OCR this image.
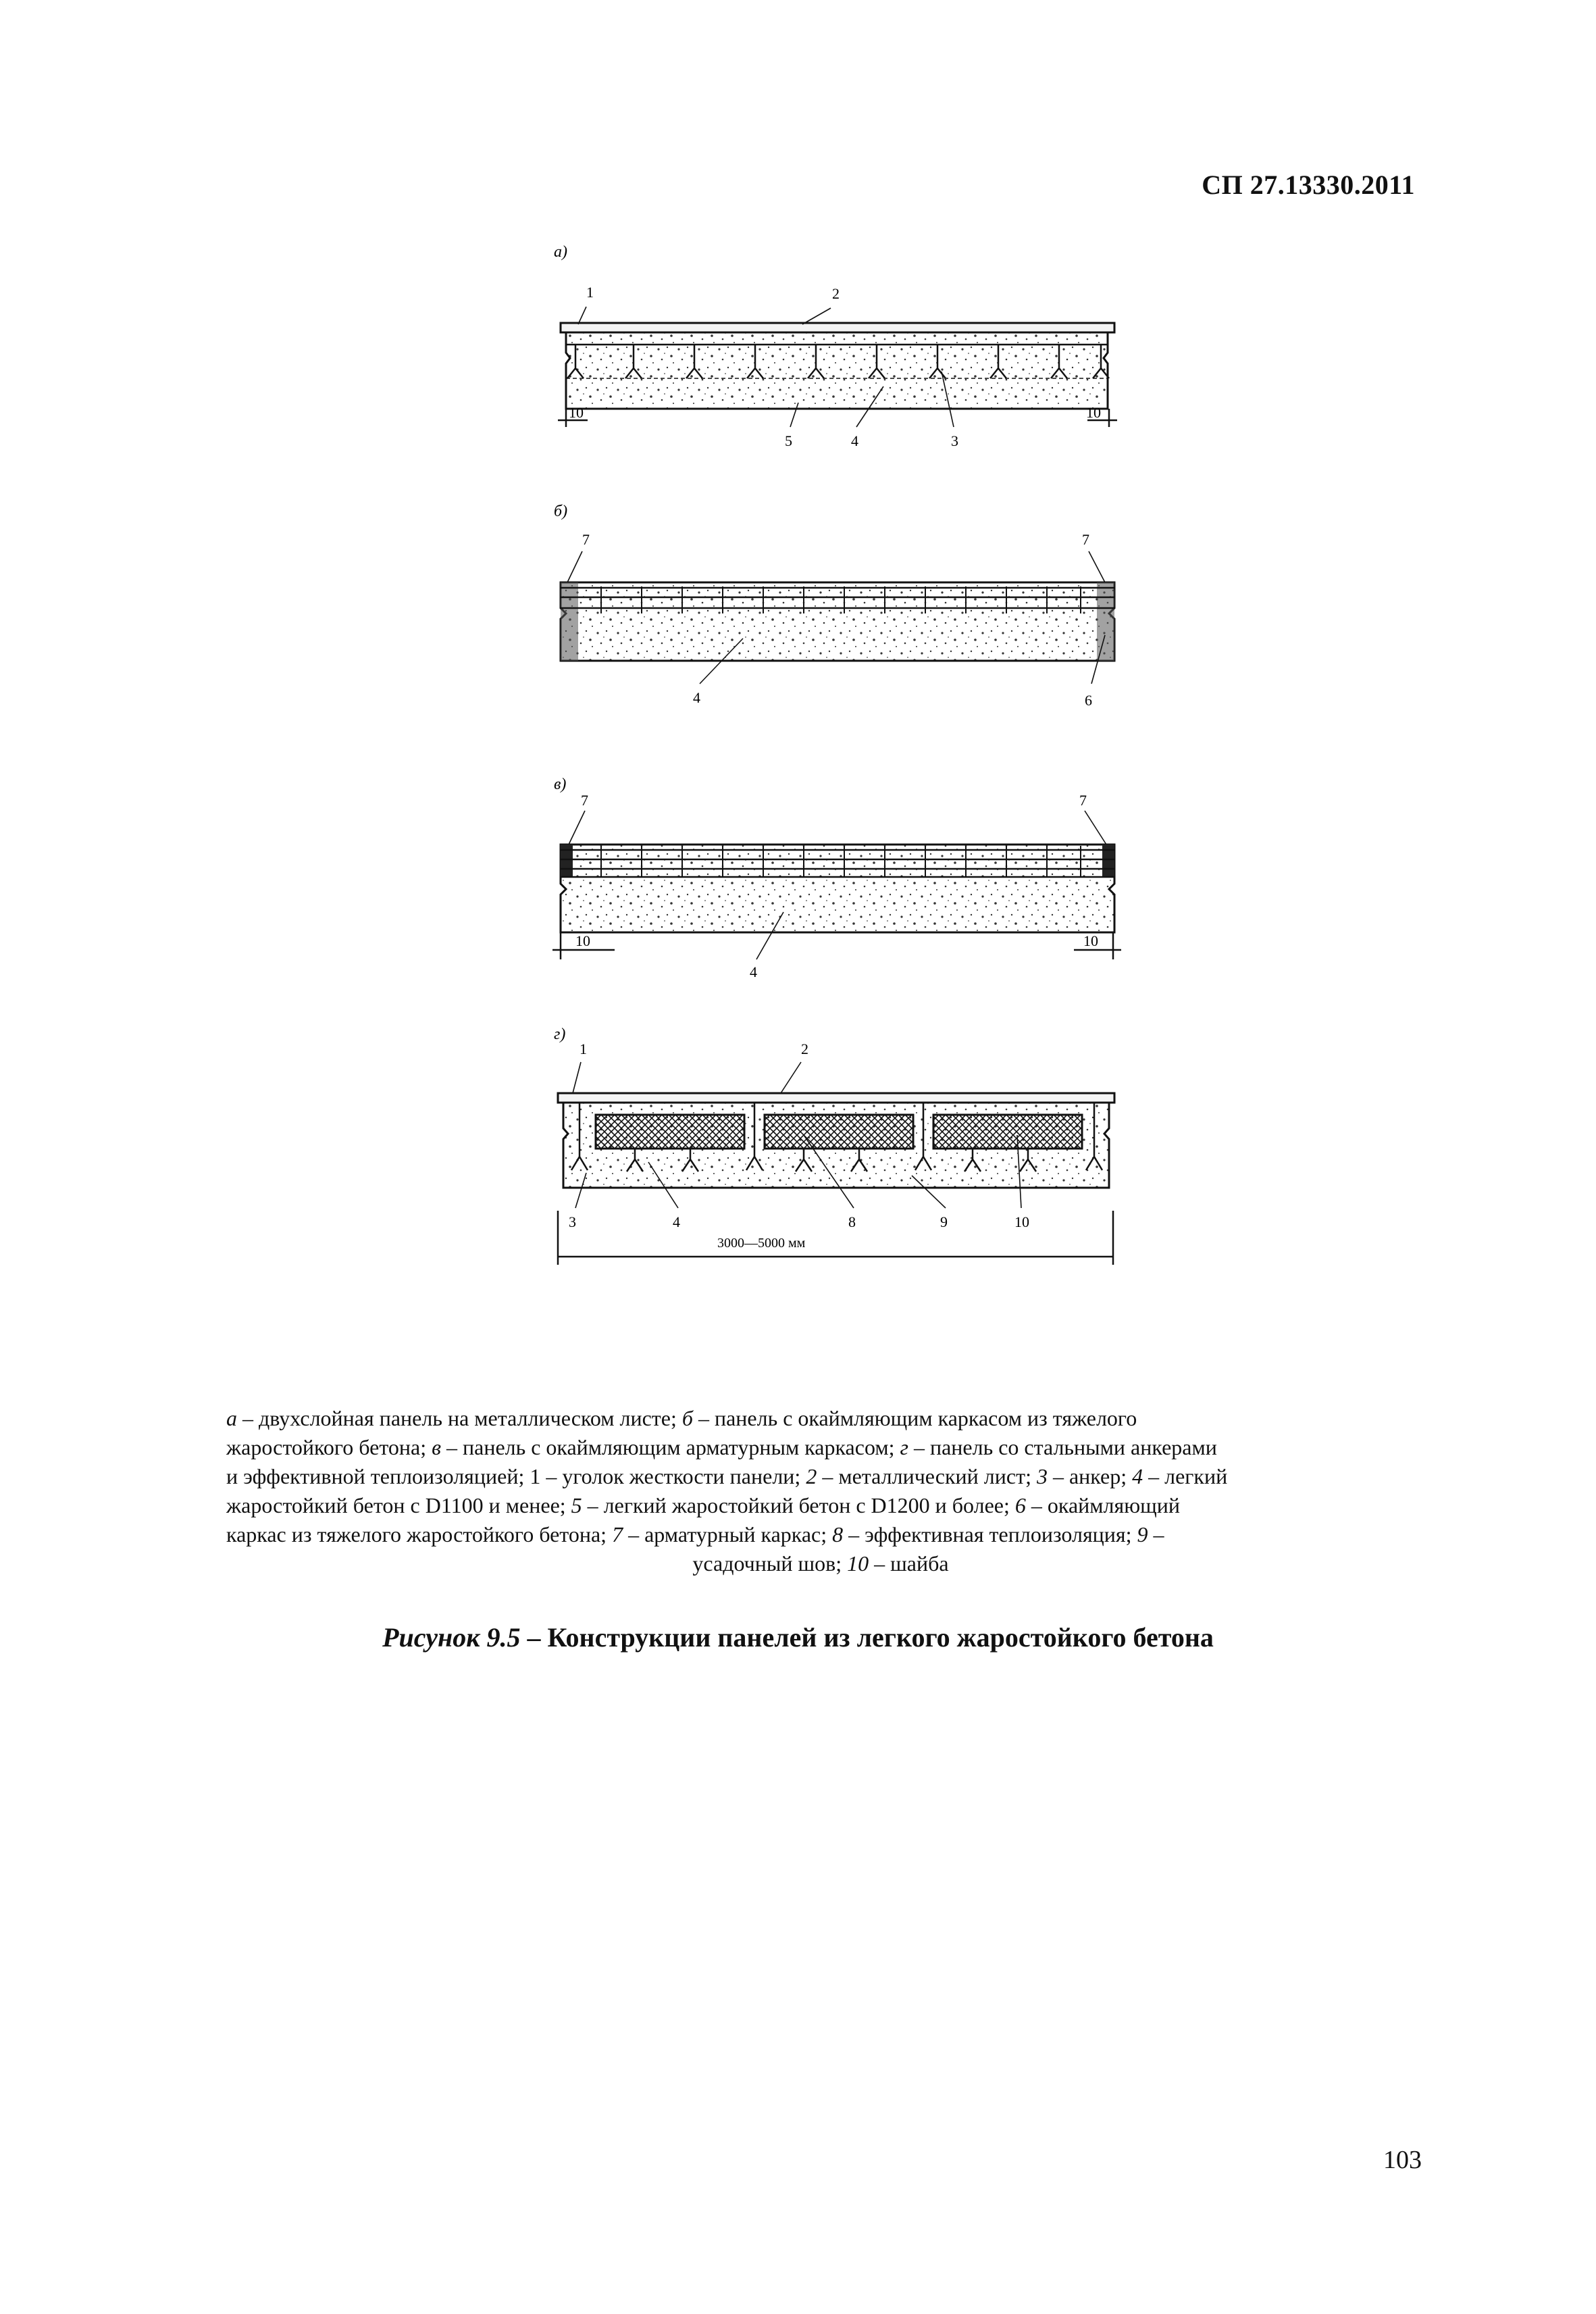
СП 27.13330.2011
а)
1	2
10	10
5	4	3
б)
7	7
4	6
в)
7	7
10	10
4
г)
1	2
3	4	8	9	10
3000—5000 мм
а – двухслойная панель на металлическом листе; б – панель с окаймляющим каркасом из тяжелого
жаростойкого бетона; в – панель с окаймляющим арматурным каркасом; г – панель со стальными анкерами
и эффективной теплоизоляцией; 1 – уголок жесткости панели; 2 – металлический лист; 3 – анкер; 4 – легкий
жаростойкий бетон с D1100 и менее; 5 – легкий жаростойкий бетон с D1200 и более; 6 – окаймляющий
каркас из тяжелого жаростойкого бетона; 7 – арматурный каркас; 8 – эффективная теплоизоляция; 9 –
усадочный шов; 10 – шайба
Рисунок 9.5 – Конструкции панелей из легкого жаростойкого бетона
103
